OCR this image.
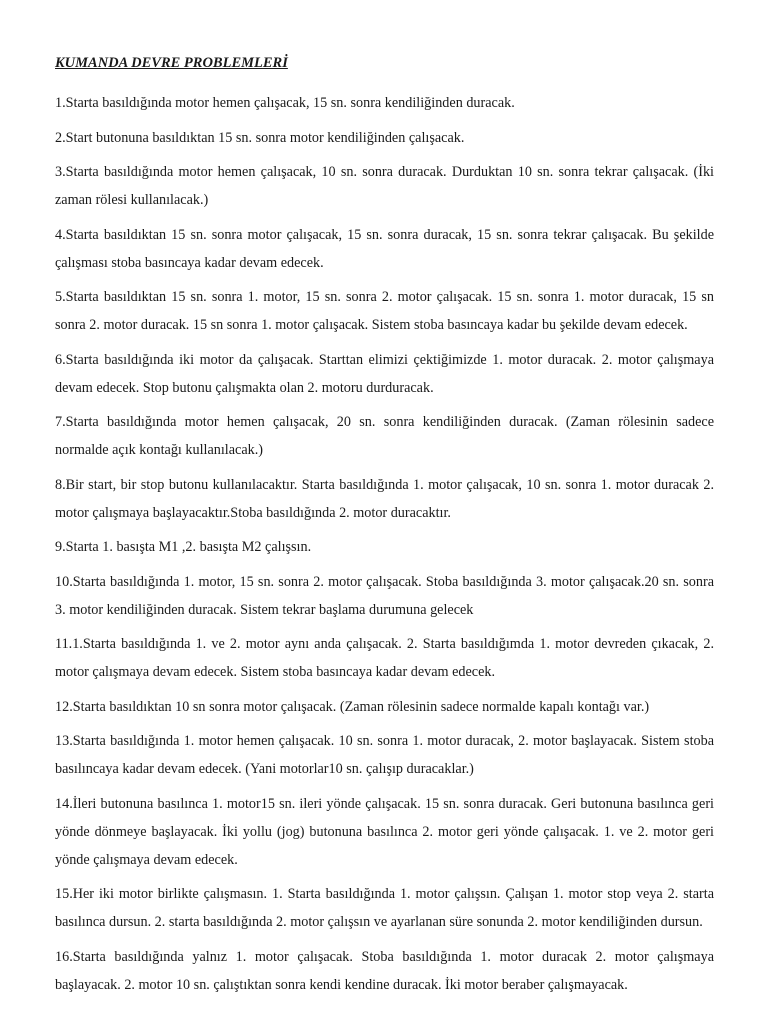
KUMANDA DEVRE PROBLEMLERİ

1.Starta basıldığında motor hemen çalışacak, 15 sn. sonra kendiliğinden duracak.

2.Start butonuna basıldıktan 15 sn. sonra motor kendiliğinden çalışacak.

3.Starta basıldığında motor hemen çalışacak, 10 sn. sonra duracak. Durduktan 10 sn. sonra tekrar çalışacak. (İki zaman rölesi kullanılacak.)

4.Starta basıldıktan 15 sn. sonra motor çalışacak, 15 sn. sonra duracak, 15 sn. sonra tekrar çalışacak. Bu şekilde çalışması stoba basıncaya kadar devam edecek.

5.Starta basıldıktan 15 sn. sonra 1. motor, 15 sn. sonra 2. motor çalışacak. 15 sn. sonra 1. motor duracak, 15 sn sonra 2. motor duracak. 15 sn sonra 1. motor çalışacak. Sistem stoba basıncaya kadar bu şekilde devam edecek.

6.Starta basıldığında iki motor da çalışacak. Starttan elimizi çektiğimizde 1. motor duracak. 2. motor çalışmaya devam edecek. Stop butonu çalışmakta olan 2. motoru durduracak.

7.Starta basıldığında motor hemen çalışacak, 20 sn. sonra kendiliğinden duracak. (Zaman rölesinin sadece normalde açık kontağı kullanılacak.)

8.Bir start, bir stop butonu kullanılacaktır. Starta basıldığında 1. motor çalışacak, 10 sn. sonra 1. motor duracak 2. motor çalışmaya başlayacaktır.Stoba basıldığında 2. motor duracaktır.

9.Starta 1. basışta M1 ,2. basışta M2 çalışsın.

10.Starta basıldığında 1. motor, 15 sn. sonra 2. motor çalışacak. Stoba basıldığında 3. motor çalışacak.20 sn. sonra 3. motor kendiliğinden duracak. Sistem tekrar başlama durumuna gelecek

11.1.Starta basıldığında 1. ve 2. motor aynı anda çalışacak. 2. Starta basıldığımda 1. motor devreden çıkacak, 2. motor çalışmaya devam edecek. Sistem stoba basıncaya kadar devam edecek.

12.Starta basıldıktan 10 sn sonra motor çalışacak. (Zaman rölesinin sadece normalde kapalı kontağı var.)

13.Starta basıldığında 1. motor hemen çalışacak. 10 sn. sonra 1. motor duracak, 2. motor başlayacak. Sistem stoba basılıncaya kadar devam edecek. (Yani motorlar10 sn. çalışıp duracaklar.)

14.İleri butonuna basılınca 1. motor15 sn. ileri yönde çalışacak. 15 sn. sonra duracak. Geri butonuna basılınca geri yönde dönmeye başlayacak. İki yollu (jog) butonuna basılınca 2. motor geri yönde çalışacak. 1. ve 2. motor geri yönde çalışmaya devam edecek.

15.Her iki motor birlikte çalışmasın. 1. Starta basıldığında 1. motor çalışsın. Çalışan 1. motor stop veya 2. starta basılınca dursun. 2. starta basıldığında 2. motor çalışsın ve ayarlanan süre sonunda 2. motor kendiliğinden dursun.

16.Starta basıldığında yalnız 1. motor çalışacak. Stoba basıldığında 1. motor duracak 2. motor çalışmaya başlayacak. 2. motor 10 sn. çalıştıktan sonra kendi kendine duracak. İki motor beraber çalışmayacak.
